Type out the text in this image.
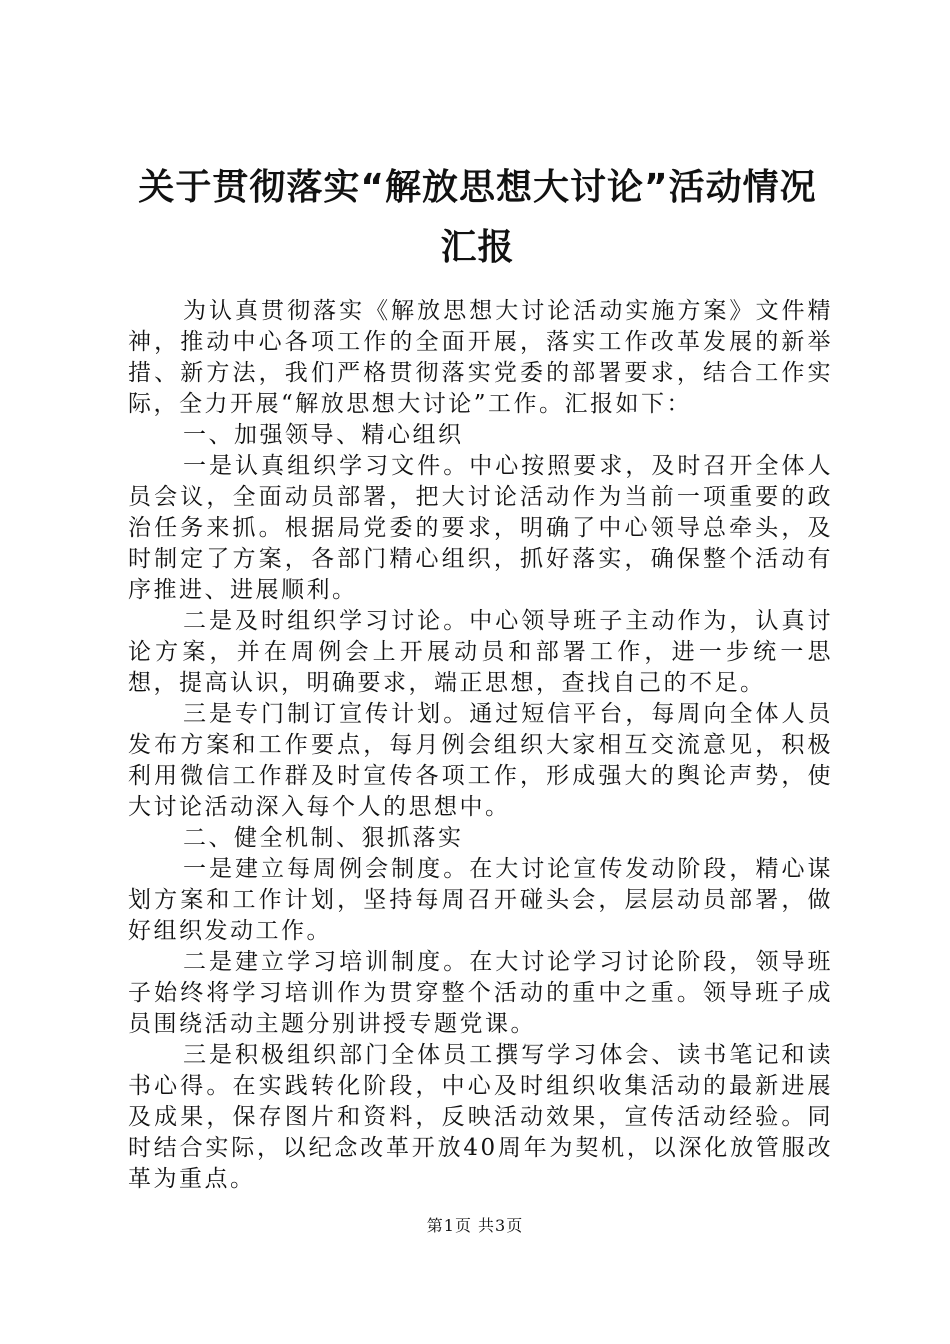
关于贯彻落实“解放思想大讨论”活动情况汇报

为认真贯彻落实《解放思想大讨论活动实施方案》文件精神，推动中心各项工作的全面开展，落实工作改革发展的新举措、新方法，我们严格贯彻落实党委的部署要求，结合工作实际，全力开展“解放思想大讨论”工作。汇报如下：

一、加强领导、精心组织

一是认真组织学习文件。中心按照要求，及时召开全体人员会议，全面动员部署，把大讨论活动作为当前一项重要的政治任务来抓。根据局党委的要求，明确了中心领导总牵头，及时制定了方案，各部门精心组织，抓好落实，确保整个活动有序推进、进展顺利。

二是及时组织学习讨论。中心领导班子主动作为，认真讨论方案，并在周例会上开展动员和部署工作，进一步统一思想，提高认识，明确要求，端正思想，查找自己的不足。

三是专门制订宣传计划。通过短信平台，每周向全体人员发布方案和工作要点，每月例会组织大家相互交流意见，积极利用微信工作群及时宣传各项工作，形成强大的舆论声势，使大讨论活动深入每个人的思想中。

二、健全机制、狠抓落实

一是建立每周例会制度。在大讨论宣传发动阶段，精心谋划方案和工作计划，坚持每周召开碰头会，层层动员部署，做好组织发动工作。

二是建立学习培训制度。在大讨论学习讨论阶段，领导班子始终将学习培训作为贯穿整个活动的重中之重。领导班子成员围绕活动主题分别讲授专题党课。

三是积极组织部门全体员工撰写学习体会、读书笔记和读书心得。在实践转化阶段，中心及时组织收集活动的最新进展及成果，保存图片和资料，反映活动效果，宣传活动经验。同时结合实际，以纪念改革开放40周年为契机，以深化放管服改革为重点。

第1页 共3页
